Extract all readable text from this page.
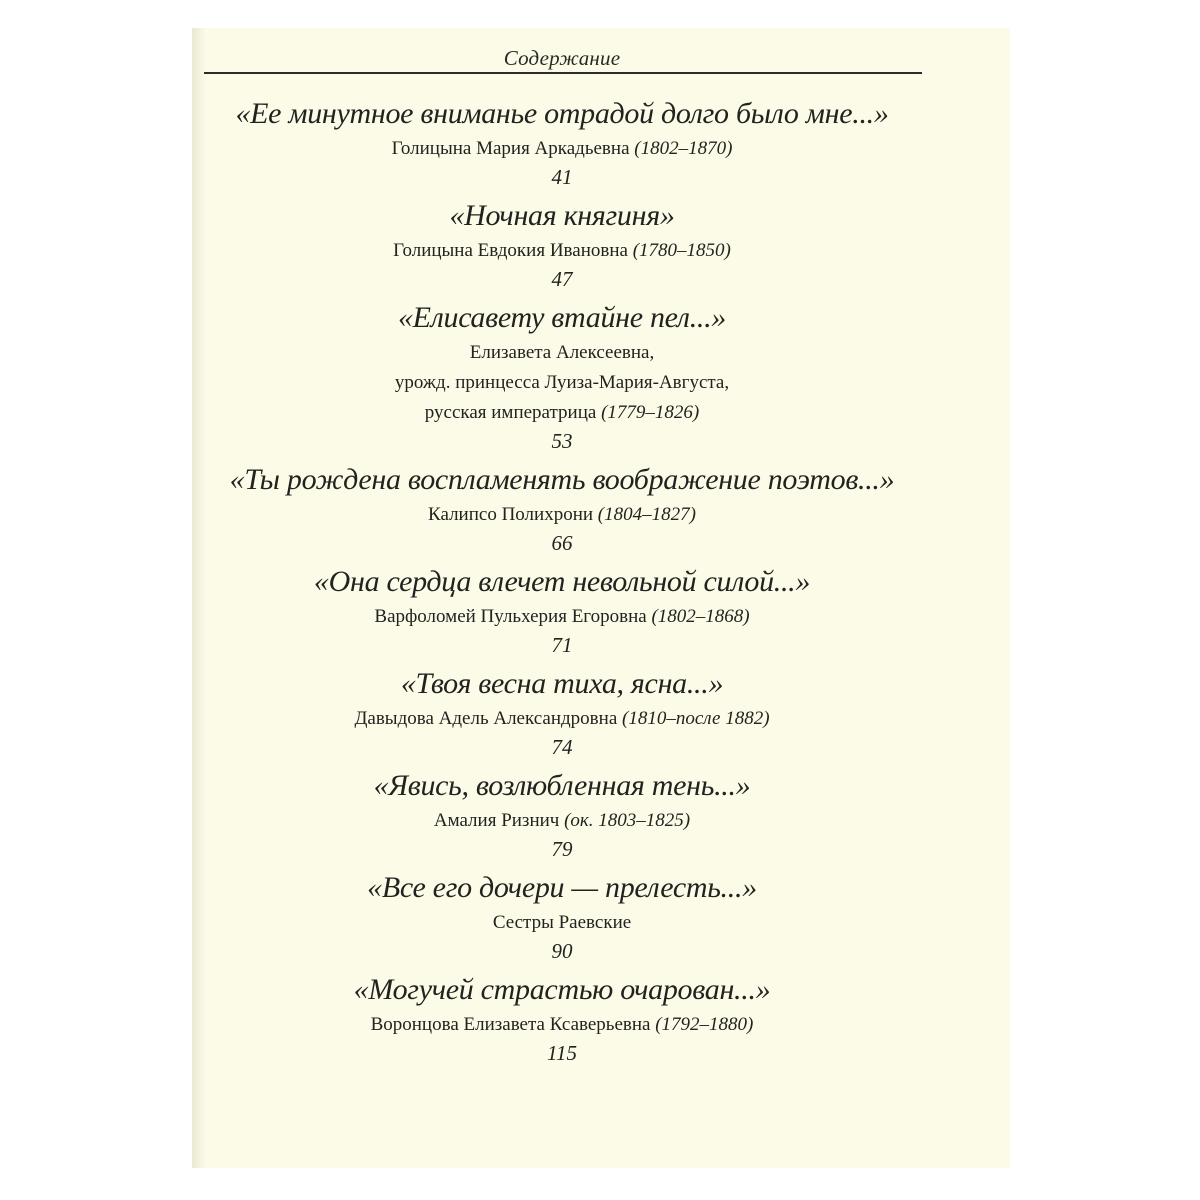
Содержание
«Ее минутное вниманье отрадой долго было мне...»
Голицына Мария Аркадьевна (1802–1870)
41
«Ночная княгиня»
Голицына Евдокия Ивановна (1780–1850)
47
«Елисавету втайне пел...»
Елизавета Алексеевна,
урожд. принцесса Луиза-Мария-Августа,
русская императрица (1779–1826)
53
«Ты рождена воспламенять воображение поэтов...»
Калипсо Полихрони (1804–1827)
66
«Она сердца влечет невольной силой...»
Варфоломей Пульхерия Егоровна (1802–1868)
71
«Твоя весна тиха, ясна...»
Давыдова Адель Александровна (1810–после 1882)
74
«Явись, возлюбленная тень...»
Амалия Ризнич (ок. 1803–1825)
79
«Все его дочери — прелесть...»
Сестры Раевские
90
«Могучей страстью очарован...»
Воронцова Елизавета Ксаверьевна (1792–1880)
115
